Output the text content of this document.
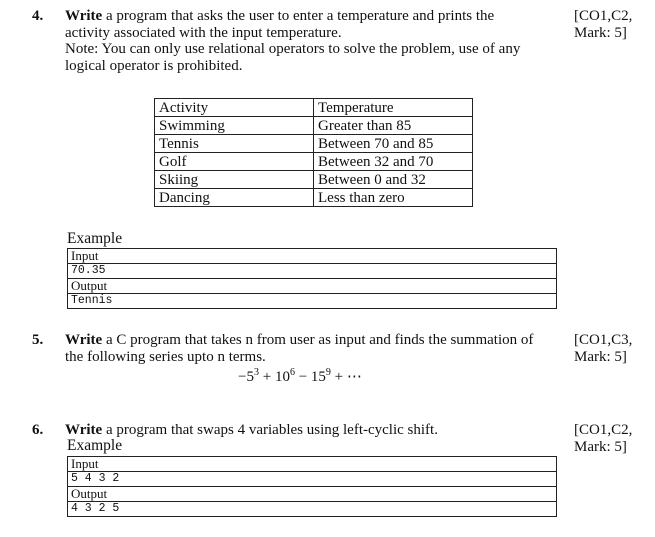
4. Write a program that asks the user to enter a temperature and prints the
activity associated with the input temperature.
Note: You can only use relational operators to solve the problem, use of any
logical operator is prohibited.
[CO1,C2,
Mark: 5]
Activity	Temperature
Swimming	Greater than 85
Tennis	Between 70 and 85
Golf	Between 32 and 70
Skiing	Between 0 and 32
Dancing	Less than zero
Example
Input
70.35
Output
Tennis
5. Write a C program that takes n from user as input and finds the summation of
the following series upto n terms.
[CO1,C3,
Mark: 5]
$-5^3 + 10^6 - 15^9$ + ⋯
6. Write a program that swaps 4 variables using left-cyclic shift.	[CO1,C2,
Mark: 5]
Example
Input
5 4 3 2
Output
4 3 2 5
